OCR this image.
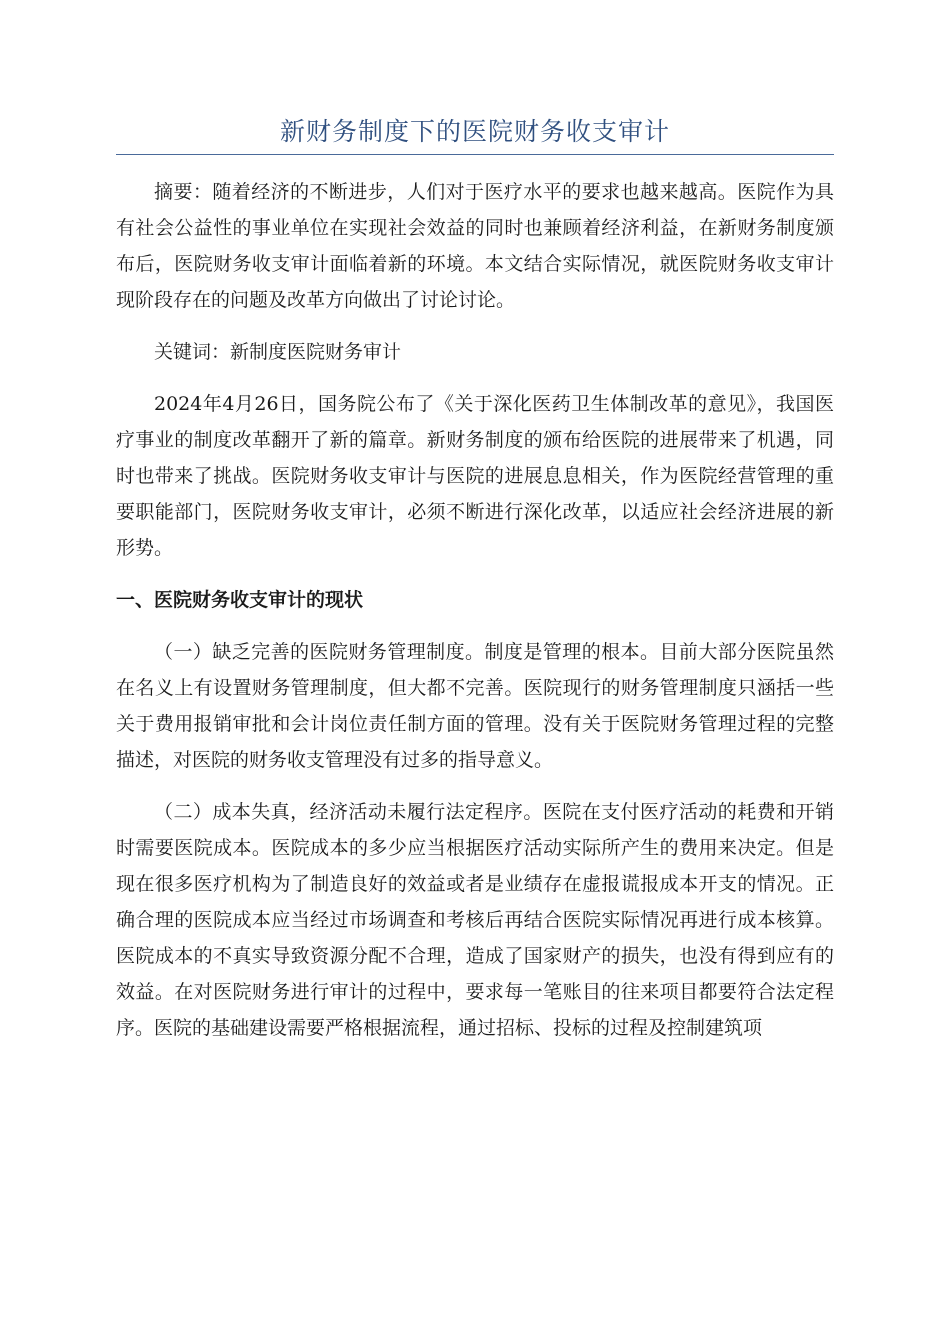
新财务制度下的医院财务收支审计

摘要：随着经济的不断进步，人们对于医疗水平的要求也越来越高。医院作为具有社会公益性的事业单位在实现社会效益的同时也兼顾着经济利益，在新财务制度颁布后，医院财务收支审计面临着新的环境。本文结合实际情况，就医院财务收支审计现阶段存在的问题及改革方向做出了讨论讨论。

关键词：新制度医院财务审计

2024年4月26日，国务院公布了《关于深化医药卫生体制改革的意见》，我国医疗事业的制度改革翻开了新的篇章。新财务制度的颁布给医院的进展带来了机遇，同时也带来了挑战。医院财务收支审计与医院的进展息息相关，作为医院经营管理的重要职能部门，医院财务收支审计，必须不断进行深化改革，以适应社会经济进展的新形势。

一、医院财务收支审计的现状

（一）缺乏完善的医院财务管理制度。制度是管理的根本。目前大部分医院虽然在名义上有设置财务管理制度，但大都不完善。医院现行的财务管理制度只涵括一些关于费用报销审批和会计岗位责任制方面的管理。没有关于医院财务管理过程的完整描述，对医院的财务收支管理没有过多的指导意义。

（二）成本失真，经济活动未履行法定程序。医院在支付医疗活动的耗费和开销时需要医院成本。医院成本的多少应当根据医疗活动实际所产生的费用来决定。但是现在很多医疗机构为了制造良好的效益或者是业绩存在虚报谎报成本开支的情况。正确合理的医院成本应当经过市场调查和考核后再结合医院实际情况再进行成本核算。医院成本的不真实导致资源分配不合理，造成了国家财产的损失，也没有得到应有的效益。在对医院财务进行审计的过程中，要求每一笔账目的往来项目都要符合法定程序。医院的基础建设需要严格根据流程，通过招标、投标的过程及控制建筑项
